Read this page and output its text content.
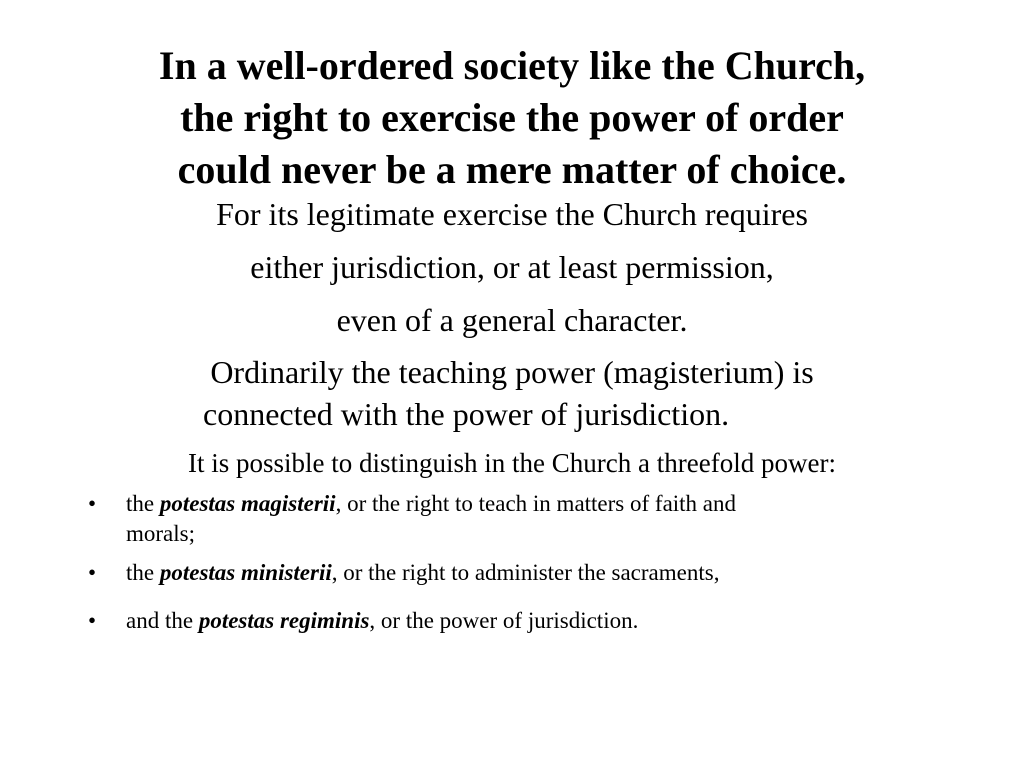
In a well-ordered society like the Church,
the right to exercise the power of order
could never be a mere matter of choice.

For its legitimate exercise the Church requires

either jurisdiction, or at least permission,

even of a general character.

Ordinarily the teaching power (magisterium) is
connected with the power of jurisdiction.

It is possible to distinguish in the Church a threefold power:

• the potestas magisterii, or the right to teach in matters of faith and
morals;
• the potestas ministerii, or the right to administer the sacraments,
• and the potestas regiminis, or the power of jurisdiction.
